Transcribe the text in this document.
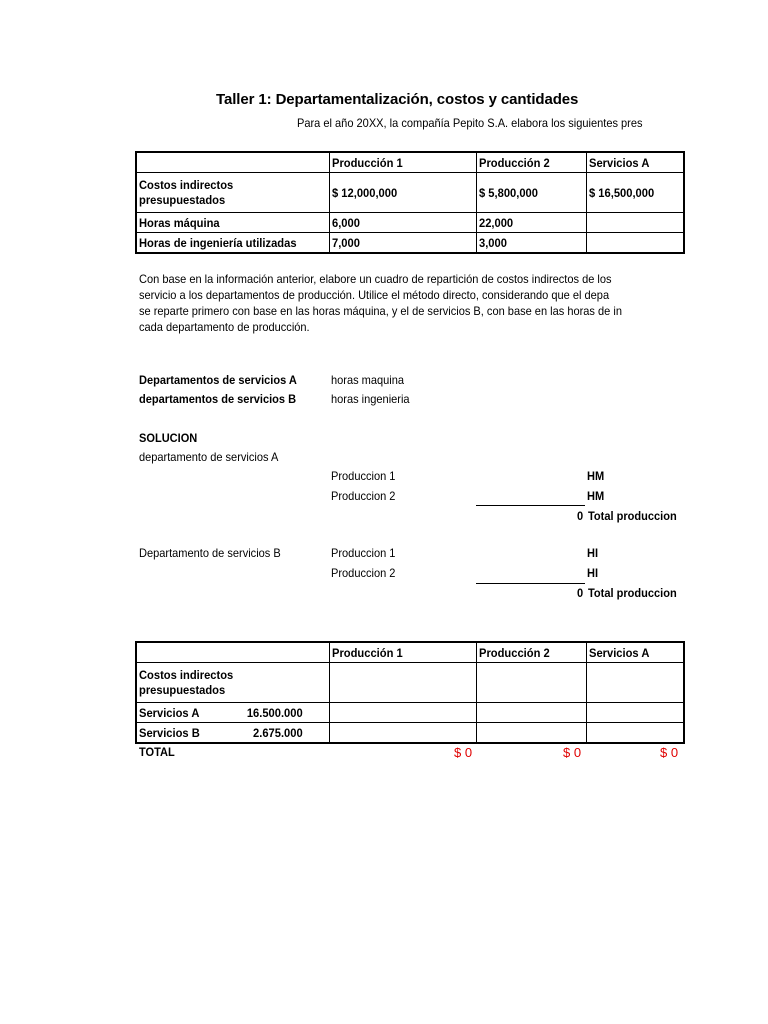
Taller 1: Departamentalización, costos y cantidades
Para el año 20XX, la compañía Pepito S.A. elabora los siguientes pres

	Producción 1	Producción 2	Servicios A

Costos indirectos presupuestados	$ 12,000,000	$ 5,800,000	$ 16,500,000

Horas máquina	6,000	22,000	

Horas de ingeniería utilizadas	7,000	3,000	

Con base en la información anterior, elabore un cuadro de repartición de costos indirectos de los
servicio a los departamentos de producción. Utilice el método directo, considerando que el depa
se reparte primero con base en las horas máquina, y el de servicios B, con base en las horas de in
cada departamento de producción.
Departamentos de servicios A	horas maquina
departamentos de servicios B	horas ingenieria
SOLUCION
departamento de servicios A
Produccion 1	HM
Produccion 2	HM
0 Total produccion
Departamento de servicios B	Produccion 1	HI
Produccion 2	HI
0 Total produccion

	Producción 1	Producción 2	Servicios A

Costos indirectos presupuestados			

Servicios A 16.500.000			

Servicios B 2.675.000			

TOTAL	$ 0	$ 0	$ 0
